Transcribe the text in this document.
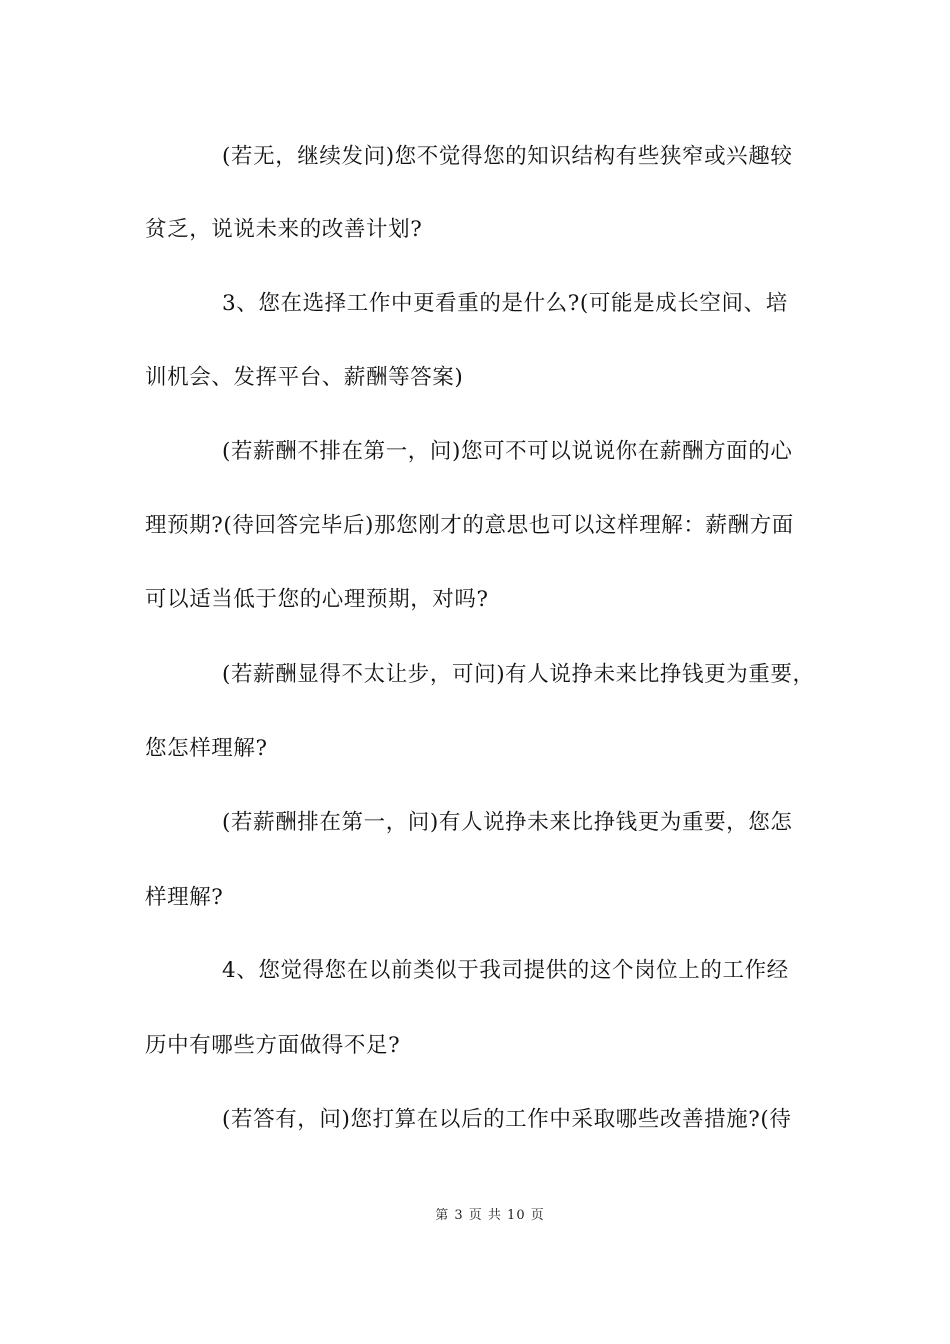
(若无，继续发问)您不觉得您的知识结构有些狭窄或兴趣较
贫乏，说说未来的改善计划?
3、您在选择工作中更看重的是什么?(可能是成长空间、培
训机会、发挥平台、薪酬等答案)
(若薪酬不排在第一，问)您可不可以说说你在薪酬方面的心
理预期?(待回答完毕后)那您刚才的意思也可以这样理解：薪酬方面
可以适当低于您的心理预期，对吗?
(若薪酬显得不太让步，可问)有人说挣未来比挣钱更为重要，
您怎样理解?
(若薪酬排在第一，问)有人说挣未来比挣钱更为重要，您怎
样理解?
4、您觉得您在以前类似于我司提供的这个岗位上的工作经
历中有哪些方面做得不足?
(若答有，问)您打算在以后的工作中采取哪些改善措施?(待
第 3 页 共 10 页
